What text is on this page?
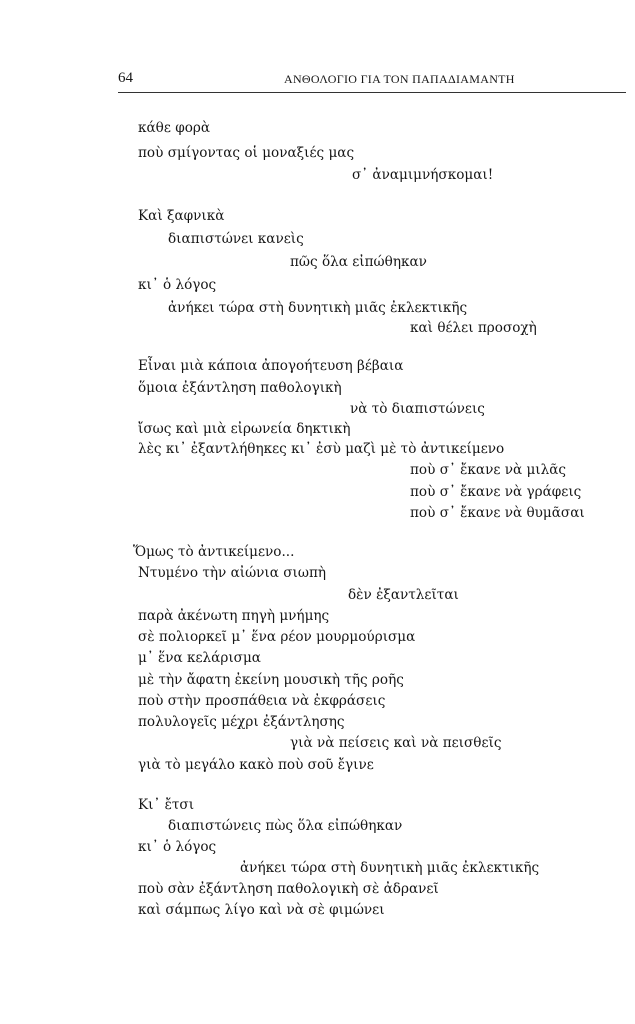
64	ΑΝΘΟΛΟΓΙΟ ΓΙΑ ΤΟΝ ΠΑΠΑΔΙΑΜΑΝΤΗ
κάθε φορὰ
ποὺ σμίγοντας οἱ μοναξιές μας
σ᾽ ἀναμιμνήσκομαι!
Καὶ ξαφνικὰ
διαπιστώνει κανεὶς
πῶς ὅλα εἰπώθηκαν
κι᾽ ὁ λόγος
ἀνήκει τώρα στὴ δυνητικὴ μιᾶς ἐκλεκτικῆς
καὶ θέλει προσοχὴ
Εἶναι μιὰ κάποια ἀπογοήτευση βέβαια
ὅμοια ἐξάντληση παθολογικὴ
νὰ τὸ διαπιστώνεις
ἴσως καὶ μιὰ εἰρωνεία δηκτικὴ
λὲς κι᾽ ἐξαντλήθηκες κι᾽ ἐσὺ μαζὶ μὲ τὸ ἀντικείμενο
ποὺ σ᾽ ἔκανε νὰ μιλᾶς
ποὺ σ᾽ ἔκανε νὰ γράφεις
ποὺ σ᾽ ἔκανε νὰ θυμᾶσαι
Ὅμως τὸ ἀντικείμενο...
Ντυμένο τὴν αἰώνια σιωπὴ
δὲν ἐξαντλεῖται
παρὰ ἀκένωτη πηγὴ μνήμης
σὲ πολιορκεῖ μ᾽ ἕνα ρέον μουρμούρισμα
μ᾽ ἕνα κελάρισμα
μὲ τὴν ἄφατη ἐκείνη μουσικὴ τῆς ροῆς
ποὺ στὴν προσπάθεια νὰ ἐκφράσεις
πολυλογεῖς μέχρι ἐξάντλησης
γιὰ νὰ πείσεις καὶ νὰ πεισθεῖς
γιὰ τὸ μεγάλο κακὸ ποὺ σοῦ ἔγινε
Κι᾽ ἔτσι
διαπιστώνεις πὼς ὅλα εἰπώθηκαν
κι᾽ ὁ λόγος
ἀνήκει τώρα στὴ δυνητικὴ μιᾶς ἐκλεκτικῆς
ποὺ σὰν ἐξάντληση παθολογικὴ σὲ ἀδρανεῖ
καὶ σάμπως λίγο καὶ νὰ σὲ φιμώνει
